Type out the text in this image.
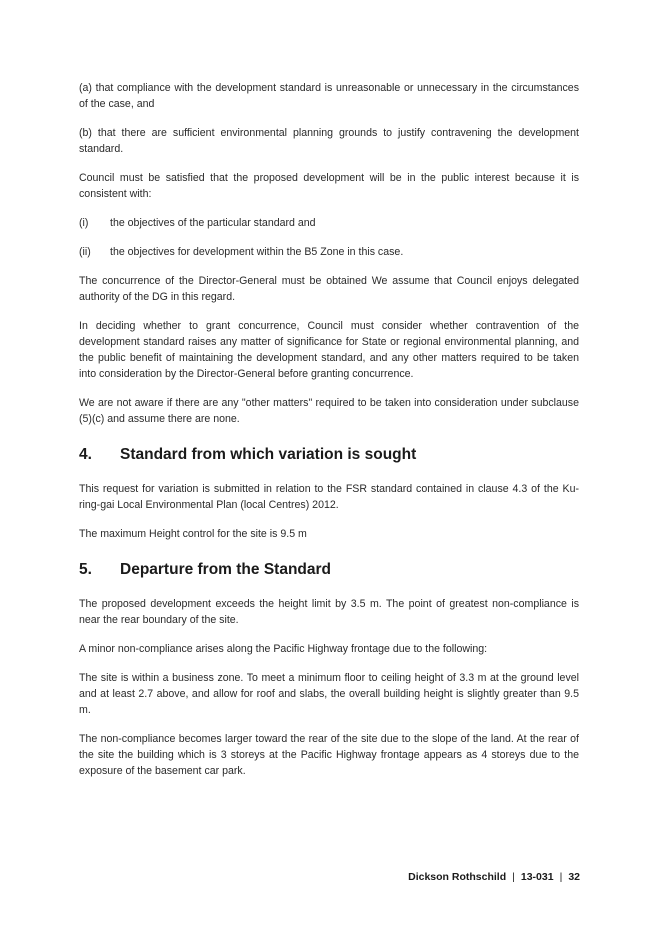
(a) that compliance with the development standard is unreasonable or unnecessary in the circumstances of the case, and

(b) that there are sufficient environmental planning grounds to justify contravening the development standard.

Council must be satisfied that the proposed development will be in the public interest because it is consistent with:

(i)	the objectives of the particular standard and
(ii)	the objectives for development within the B5 Zone in this case.

The concurrence of the Director-General must be obtained We assume that Council enjoys delegated authority of the DG in this regard.

In deciding whether to grant concurrence, Council must consider whether contravention of the development standard raises any matter of significance for State or regional environmental planning, and the public benefit of maintaining the development standard, and any other matters required to be taken into consideration by the Director-General before granting concurrence.

We are not aware if there are any "other matters" required to be taken into consideration under subclause (5)(c) and assume there are none.

4.	Standard from which variation is sought

This request for variation is submitted in relation to the FSR standard contained in clause 4.3 of the Ku-ring-gai Local Environmental Plan (local Centres) 2012.

The maximum Height control for the site is 9.5 m

5.	Departure from the Standard

The proposed development exceeds the height limit by 3.5 m. The point of greatest non-compliance is near the rear boundary of the site.

A minor non-compliance arises along the Pacific Highway frontage due to the following:

The site is within a business zone. To meet a minimum floor to ceiling height of 3.3 m at the ground level and at least 2.7 above, and allow for roof and slabs, the overall building height is slightly greater than 9.5 m.

The non-compliance becomes larger toward the rear of the site due to the slope of the land. At the rear of the site the building which is 3 storeys at the Pacific Highway frontage appears as 4 storeys due to the exposure of the basement car park.

Dickson Rothschild | 13-031 | 32
